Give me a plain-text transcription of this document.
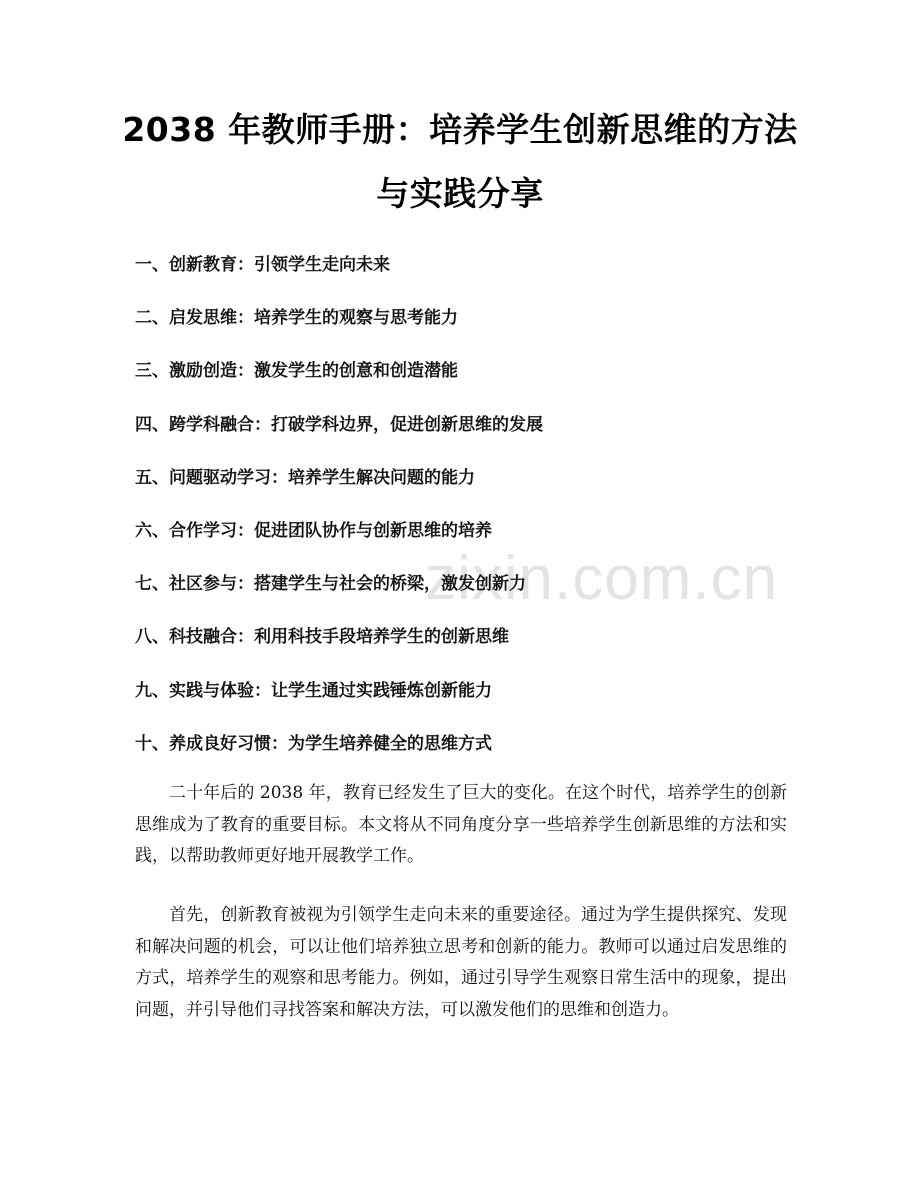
zixin.com.cn
2038 年教师手册：培养学生创新思维的方法
与实践分享
一、创新教育：引领学生走向未来
二、启发思维：培养学生的观察与思考能力
三、激励创造：激发学生的创意和创造潜能
四、跨学科融合：打破学科边界，促进创新思维的发展
五、问题驱动学习：培养学生解决问题的能力
六、合作学习：促进团队协作与创新思维的培养
七、社区参与：搭建学生与社会的桥梁，激发创新力
八、科技融合：利用科技手段培养学生的创新思维
九、实践与体验：让学生通过实践锤炼创新能力
十、养成良好习惯：为学生培养健全的思维方式

二十年后的 2038 年，教育已经发生了巨大的变化。在这个时代，培养学生的创新思维成为了教育的重要目标。本文将从不同角度分享一些培养学生创新思维的方法和实践，以帮助教师更好地开展教学工作。

首先，创新教育被视为引领学生走向未来的重要途径。通过为学生提供探究、发现和解决问题的机会，可以让他们培养独立思考和创新的能力。教师可以通过启发思维的方式，培养学生的观察和思考能力。例如，通过引导学生观察日常生活中的现象，提出问题，并引导他们寻找答案和解决方法，可以激发他们的思维和创造力。
